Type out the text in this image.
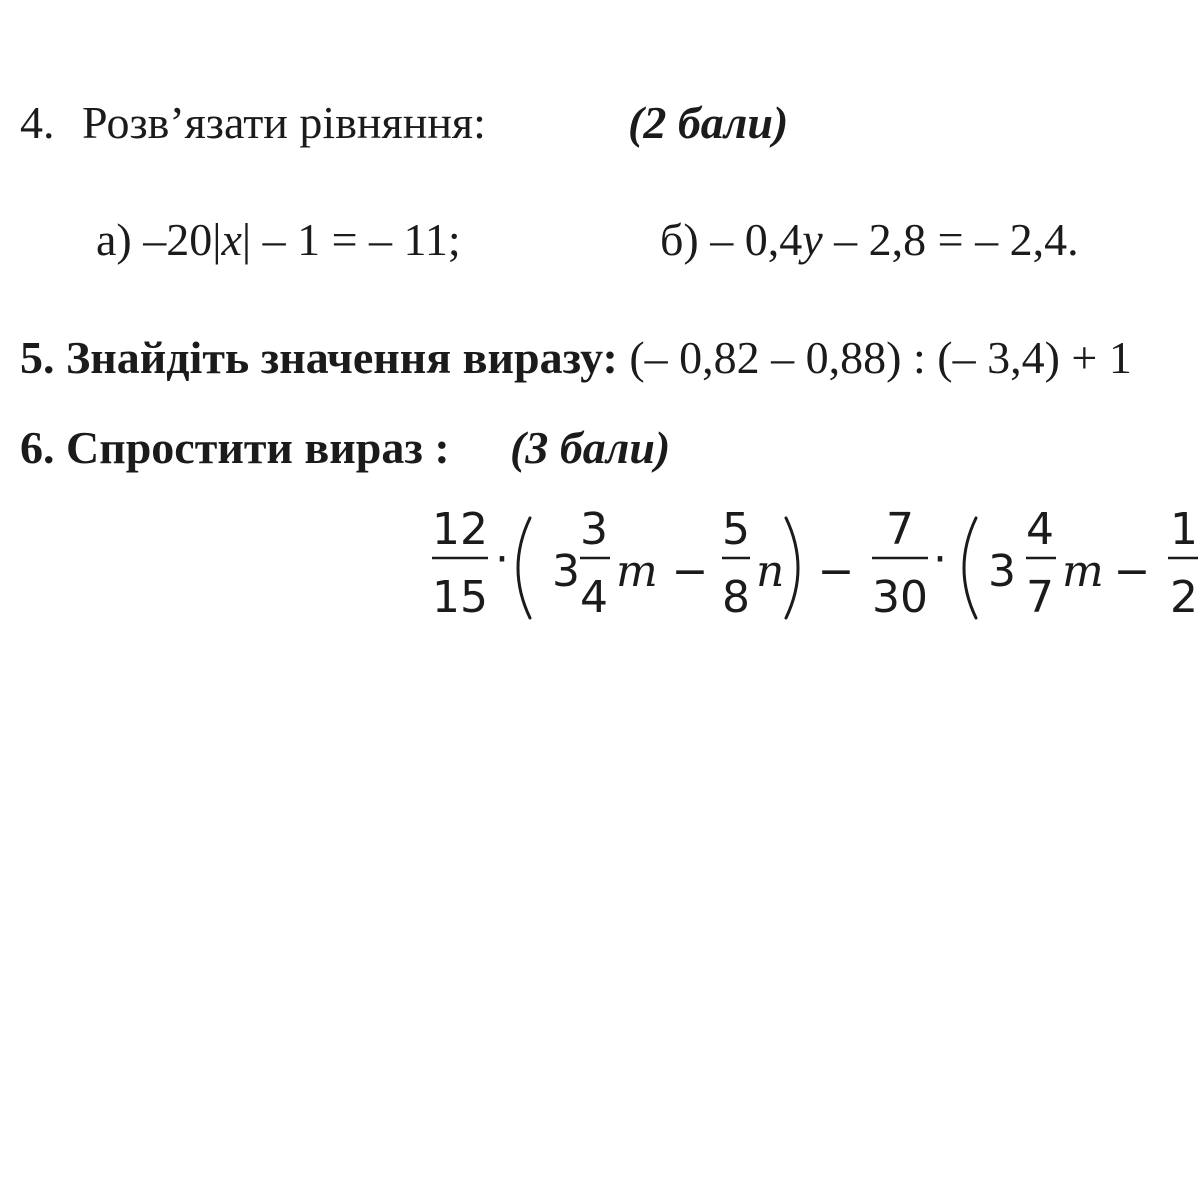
4. Розв’язати рівняння:	(2 бали)
а) –20|x| – 1 = – 11;	б) – 0,4y – 2,8 = – 2,4.
5. Знайдіть значення виразу: (– 0,82 – 0,88) : (– 3,4) + 1
6. Спростити вираз : (3 бали)
12
15
· 3
3
4
m −
5
8
n −
7
30
· 3
4
7
m −
1
2
